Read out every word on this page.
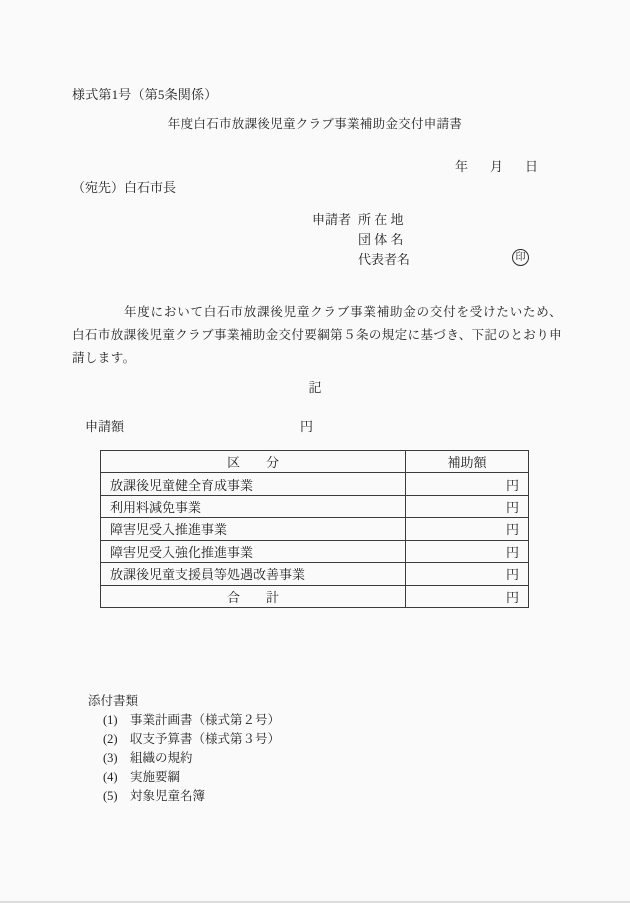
様式第1号（第5条関係）
年度白石市放課後児童クラブ事業補助金交付申請書
年 月 日
（宛先）白石市長
申請者 所 在 地
団 体 名
代表者名	印

年度において白石市放課後児童クラブ事業補助金の交付を受けたいため、白石市放課後児童クラブ事業補助金交付要綱第５条の規定に基づき、下記のとおり申請します。

記
申請額	円
区　　分	補助額
放課後児童健全育成事業	円
利用料減免事業	円
障害児受入推進事業	円
障害児受入強化推進事業	円
放課後児童支援員等処遇改善事業	円
合　　計	円
添付書類
(1) 事業計画書（様式第２号）
(2) 収支予算書（様式第３号）
(3) 組織の規約
(4) 実施要綱
(5) 対象児童名簿
